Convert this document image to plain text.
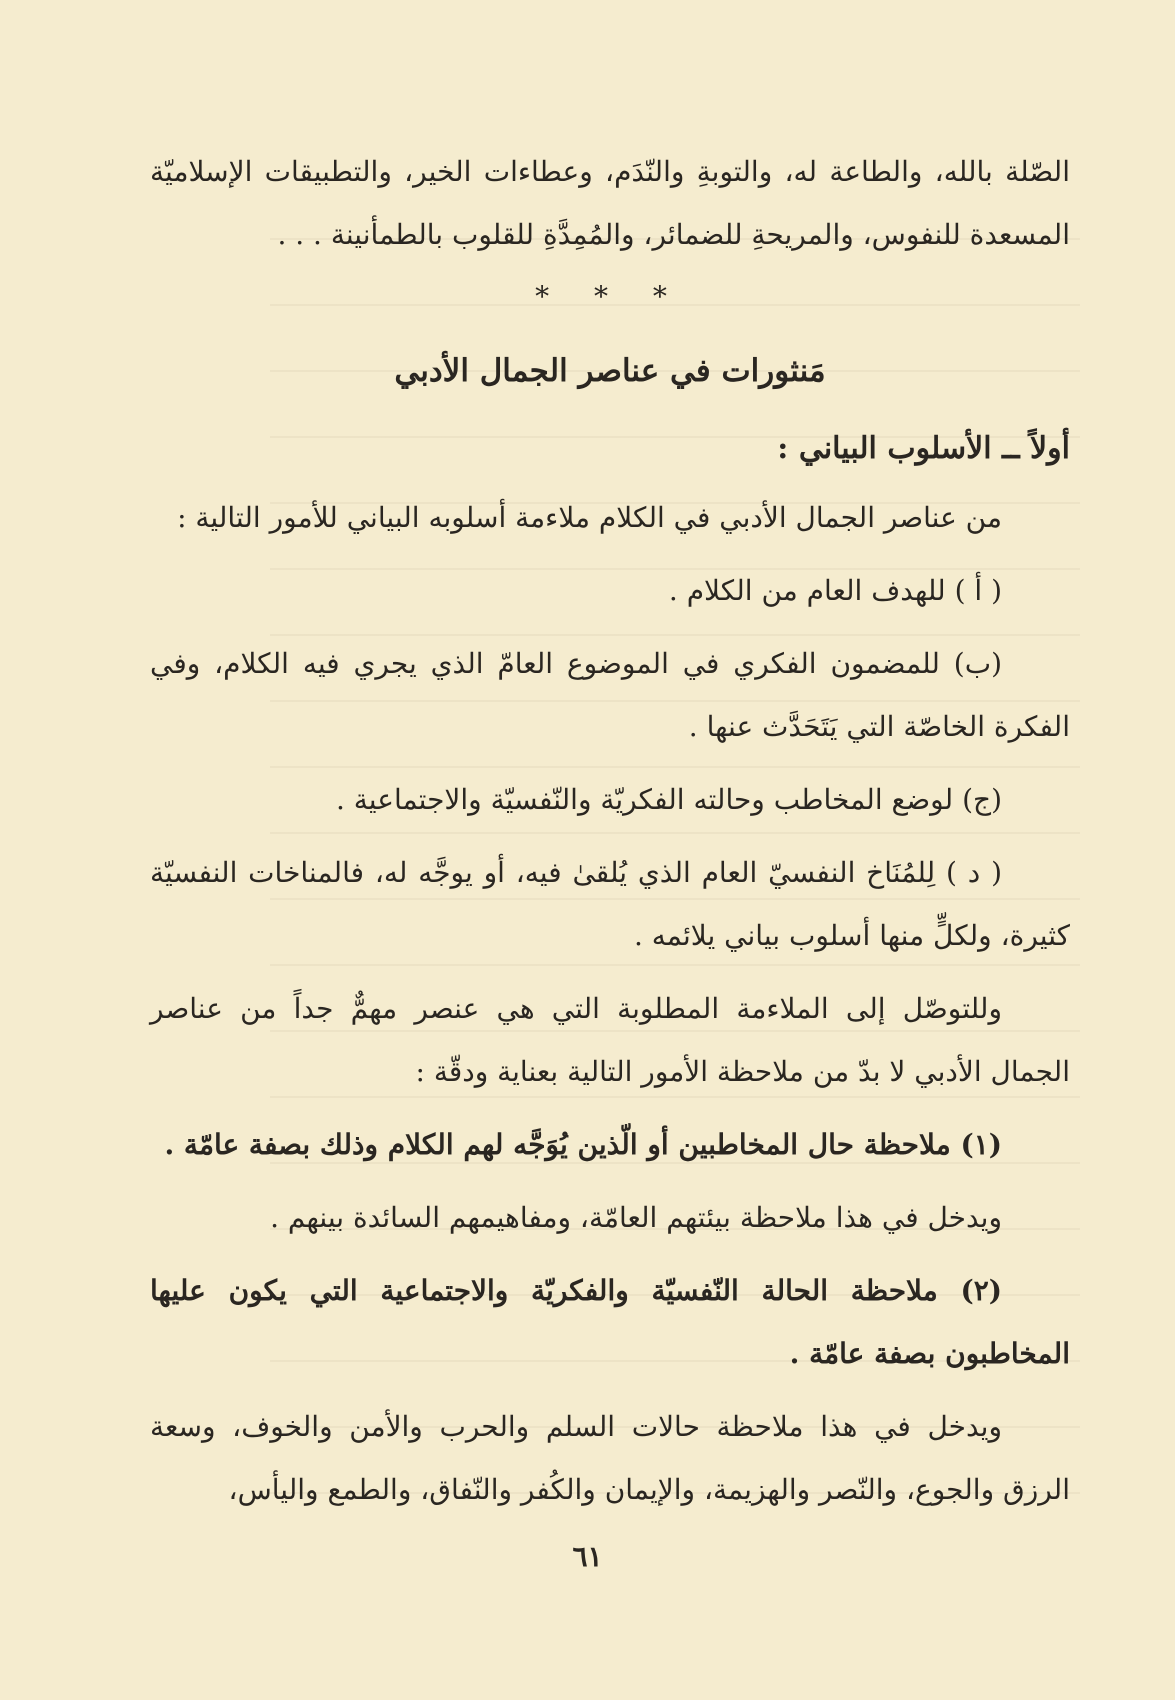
الصّلة بالله، والطاعة له، والتوبةِ والنّدَم، وعطاءات الخير، والتطبيقات الإسلاميّة المسعدة للنفوس، والمريحةِ للضمائر، والمُمِدَّةِ للقلوب بالطمأنينة . . .

* * *
مَنثورات في عناصر الجمال الأدبي
أولاً ــ الأسلوب البياني :

من عناصر الجمال الأدبي في الكلام ملاءمة أسلوبه البياني للأمور التالية :

( أ ) للهدف العام من الكلام .

(ب) للمضمون الفكري في الموضوع العامّ الذي يجري فيه الكلام، وفي الفكرة الخاصّة التي يَتَحَدَّث عنها .

(ج) لوضع المخاطب وحالته الفكريّة والنّفسيّة والاجتماعية .

( د ) لِلمُنَاخ النفسيّ العام الذي يُلقىٰ فيه، أو يوجَّه له، فالمناخات النفسيّة كثيرة، ولكلٍّ منها أسلوب بياني يلائمه .

وللتوصّل إلى الملاءمة المطلوبة التي هي عنصر مهمٌّ جداً من عناصر الجمال الأدبي لا بدّ من ملاحظة الأمور التالية بعناية ودقّة :

(١) ملاحظة حال المخاطبين أو الّذين يُوَجَّه لهم الكلام وذلك بصفة عامّة .

ويدخل في هذا ملاحظة بيئتهم العامّة، ومفاهيمهم السائدة بينهم .

(٢) ملاحظة الحالة النّفسيّة والفكريّة والاجتماعية التي يكون عليها المخاطبون بصفة عامّة .

ويدخل في هذا ملاحظة حالات السلم والحرب والأمن والخوف، وسعة الرزق والجوع، والنّصر والهزيمة، والإيمان والكُفر والنّفاق، والطمع واليأس،

٦١
